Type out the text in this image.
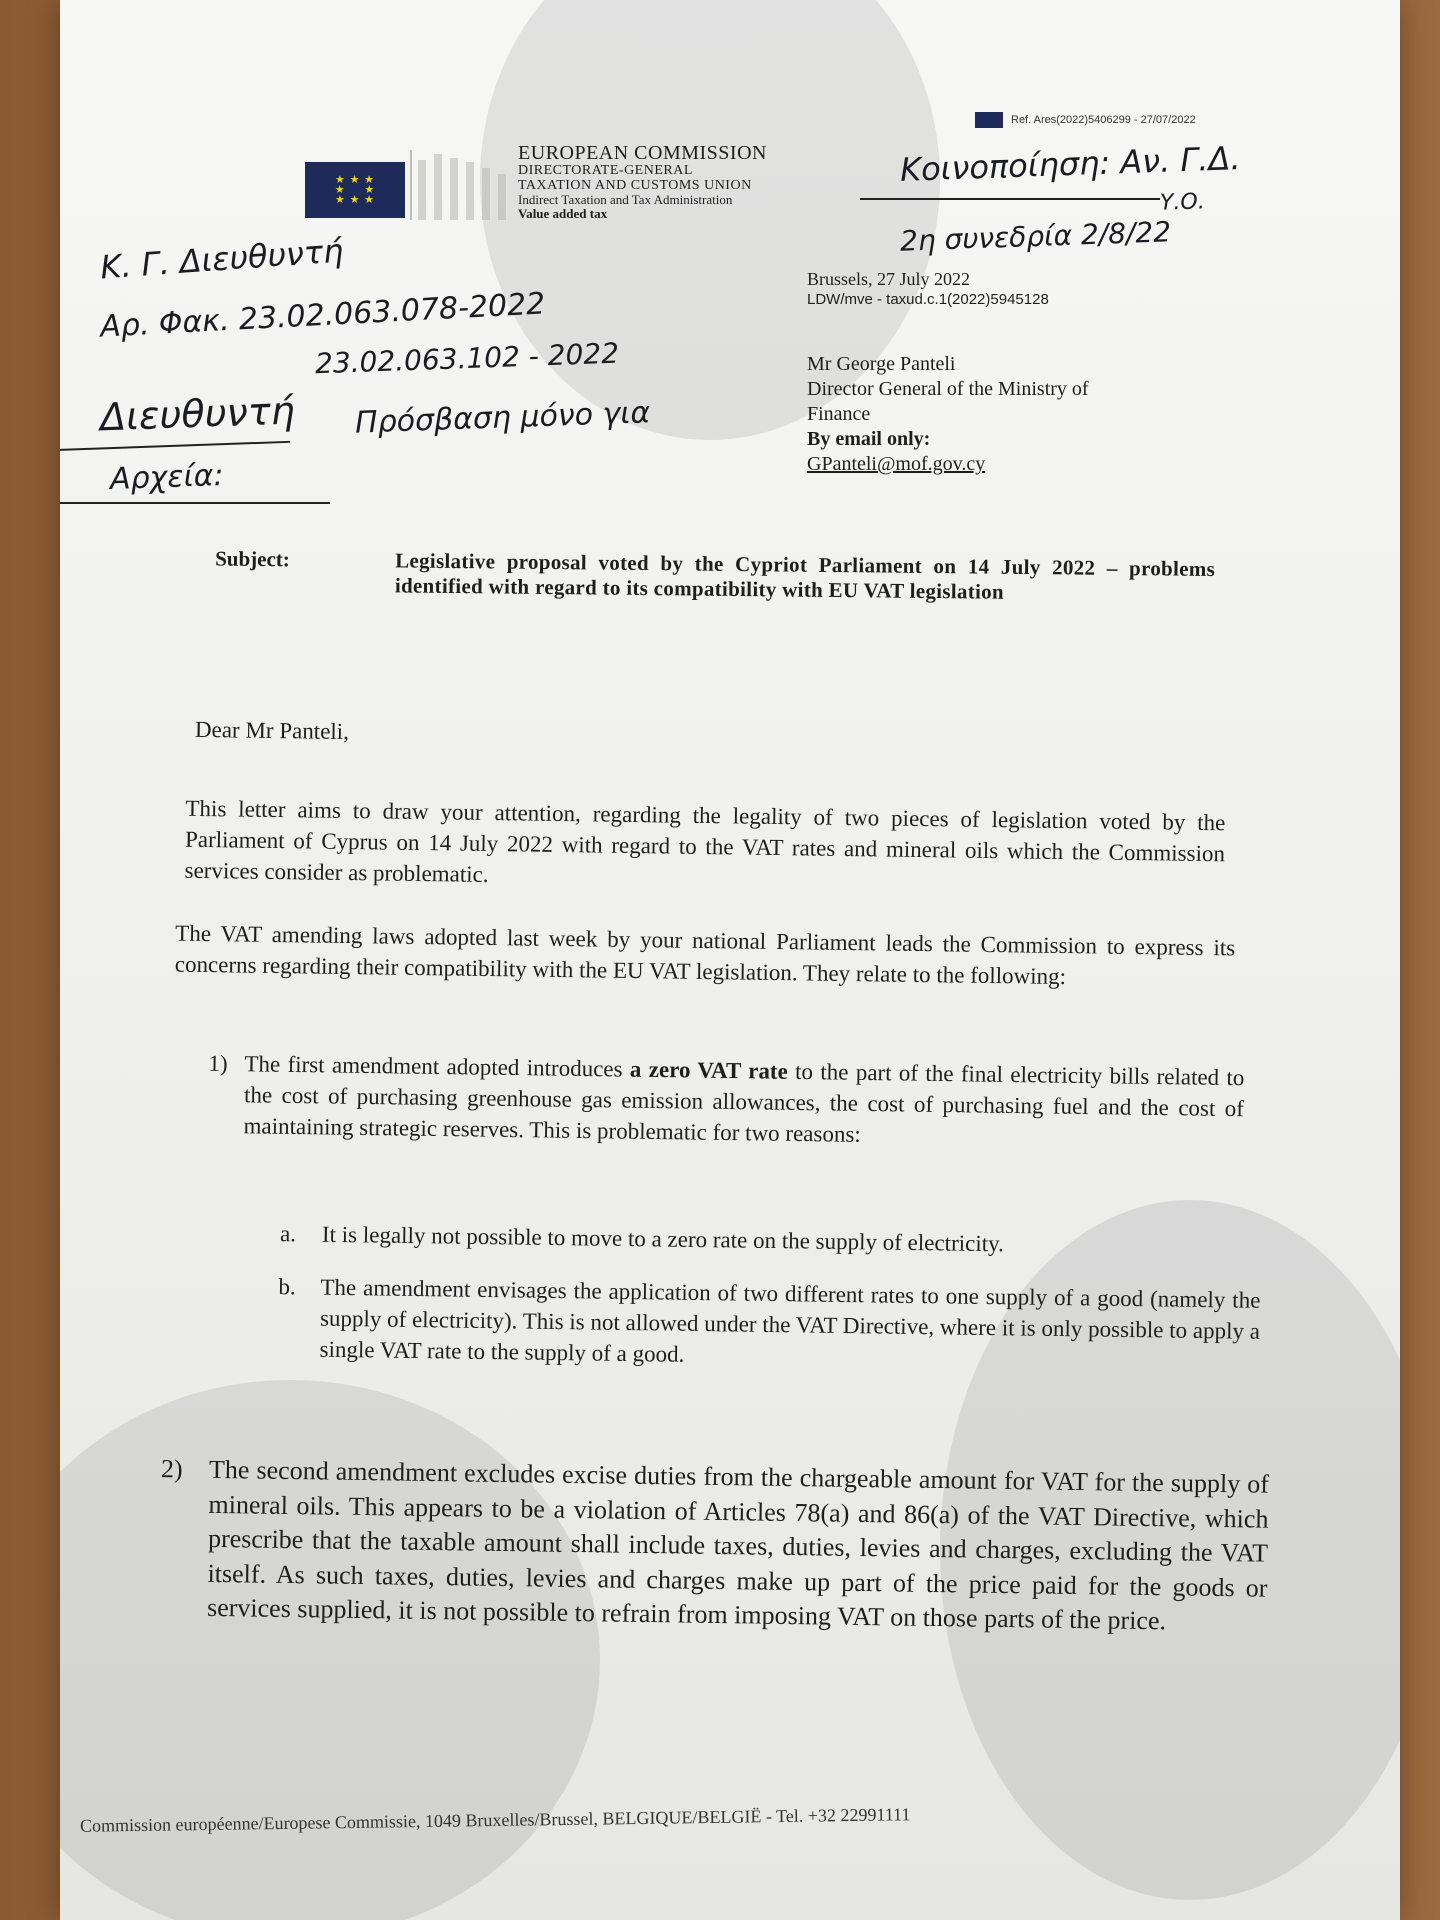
★ ★ ★
★     ★
★ ★ ★
EUROPEAN COMMISSION
DIRECTORATE-GENERAL
TAXATION AND CUSTOMS UNION
Indirect Taxation and Tax Administration
Value added tax
Ref. Ares(2022)5406299 - 27/07/2022
Κοινοποίηση: Αν. Γ.Δ.
Υ.Ο.
2η συνεδρία 2/8/22
Κ. Γ. Διευθυντή
Αρ. Φακ. 23.02.063.078-2022
23.02.063.102 - 2022
Διευθυντή
Αρχεία:
Πρόσβαση μόνο για
Brussels, 27 July 2022
LDW/mve - taxud.c.1(2022)5945128
Mr George Panteli
Director General of the Ministry of
Finance
By email only:
GPanteli@mof.gov.cy
Subject:	Legislative proposal voted by the Cypriot Parliament on 14 July 2022 – problems identified with regard to its compatibility with EU VAT legislation
Dear Mr Panteli,
This letter aims to draw your attention, regarding the legality of two pieces of legislation voted by the Parliament of Cyprus on 14 July 2022 with regard to the VAT rates and mineral oils which the Commission services consider as problematic.
The VAT amending laws adopted last week by your national Parliament leads the Commission to express its concerns regarding their compatibility with the EU VAT legislation. They relate to the following:
1) The first amendment adopted introduces a zero VAT rate to the part of the final electricity bills related to the cost of purchasing greenhouse gas emission allowances, the cost of purchasing fuel and the cost of maintaining strategic reserves. This is problematic for two reasons:
a.	It is legally not possible to move to a zero rate on the supply of electricity.
b.	The amendment envisages the application of two different rates to one supply of a good (namely the supply of electricity). This is not allowed under the VAT Directive, where it is only possible to apply a single VAT rate to the supply of a good.
2) The second amendment excludes excise duties from the chargeable amount for VAT for the supply of mineral oils. This appears to be a violation of Articles 78(a) and 86(a) of the VAT Directive, which prescribe that the taxable amount shall include taxes, duties, levies and charges, excluding the VAT itself. As such taxes, duties, levies and charges make up part of the price paid for the goods or services supplied, it is not possible to refrain from imposing VAT on those parts of the price.
Commission européenne/Europese Commissie, 1049 Bruxelles/Brussel, BELGIQUE/BELGIË - Tel. +32 22991111
